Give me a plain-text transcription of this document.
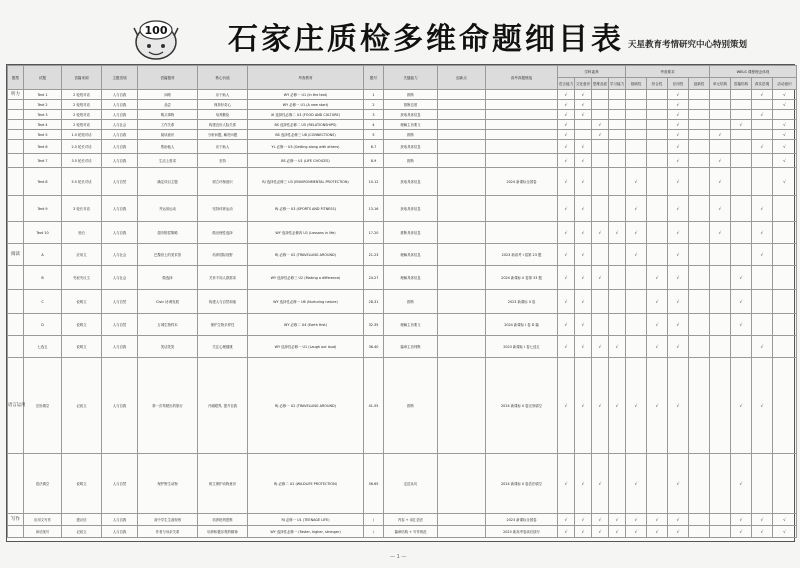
100 石家庄质检多维命题细目表 天星教育考情研究中心特别策划
题型	试题	语篇来源	主题语境	语篇题材	核心价值	考查教材	题号	关键能力	创新点	高考真题链接	学科素养				考查要求				WELS 课程理念体现			
											语言能力	文化意识	思维品质	学习能力	基础性	综合性	应用性	创新性	单元结构	语篇结构	真实语境	活动意识
听力	Text 1	2 轮短对话	人与自我	问路	乐于助人	WY 必修一 U1 (In the test)	1	推断			√	√					√				√	√
	Text 2	2 轮短对话	人与自我	品尝	保持好奇心	WY 必修一 U1 (A new start)	2	推断态度			√	√					√					√
	Text 3	2 轮短对话	人与自我	购买事物	培养勤俭	XI 选择性必修二 U3 (FOOD AND CULTURE)	3	获取具体信息			√	√					√				√	
	Text 4	2 轮短对话	人与社会	工作关系	构建良好人际关系	BS 选择性必修二 U5 (RELATIONSHIPS)	4	理解主旨要义			√		√				√			√		√
	Text 5	1.5 轮短对话	人与自我	阅读意识	分析问题, 解决问题	BS 选择性必修三 U8 (CONNECTIONS)	5	推断			√		√				√		√			√
	Text 6	2.5 轮长对话	人与自我	帮助他人	乐于助人	YL 必修一 U3 (Getting along with others)	6-7	获取具体信息			√	√					√				√	√
	Text 7	3.5 轮长对话	人与自我	生活上需求	坚持	BS 必修一 U1 (LIFE CHOICES)	8-9	推断			√	√					√		√			√
	Text 8	5.5 轮长对话	人与自然	确定项目主题	树立环保意识	RJ 选择性必修三 U3 (ENVIRONMENTAL PROTECTION)	10-12	获取具体信息		2024 新课标全国卷	√	√			√		√		√			√
	Text 9	3 轮长对话	人与自我	并运用运动	坚持体育运动	RJ 必修一 U3 (SPORTS AND FITNESS)	13-16	获取具体信息			√	√			√		√		√		√	
	Text 10	独白	人与自我	超市赔偿策略	做出理性选择	WY 选择性必修四 U1 (Lessons in life)	17-20	推断具体信息			√	√	√	√	√		√		√		√	
阅读	A	应用文	人与社会	巴黎世上的美术馆	培养国际视野	RJ 必修一 U2 (TRAVELLING AROUND)	21-23	理解具体信息		2023 新高考 I 卷第 23 题	√	√			√		√				√	
	B	夹叙夹议文	人与社会	做选择	关怀不同人群需求	WY 选择性必修三 U2 (Making a difference)	24-27	理解具体信息		2024 新课标 II 卷第 33 题	√	√	√			√	√			√		
	C	说明文	人与自然	Civic 协调发展	构建人与自然和谐	WY 选择性必修一 U6 (Nurturing nature)	28-31	推断		2023 新课标 II 卷	√	√				√	√			√		
	D	说明文	人与自然	万城生物样本	保护生物多样性	WY 必修二 U4 (Earth first)	32-35	理解主旨要义		2024 新课标 I 卷 D 篇	√	√				√	√			√		
	七选五	说明文	人与自我	笑话笑笑	关注心理健康	WY 选择性必修一 U1 (Laugh out loud)	36-40	篇章主旨判断		2023 新课标 I 卷七选五	√	√	√	√		√	√				√	
语言运用	完形填空	记叙文	人与自我	第一次驾驶出的旅行	开阔眼界, 提升自我	RJ 必修一 U2 (TRAVELLING AROUND)	41-55	推断		2024 新课标 II 卷完形填空	√	√	√	√	√	√	√			√	√	
	语法填空	说明文	人与自然	保护野生动物	树立保护动物意识	RJ 必修二 U2 (WILDLIFE PROTECTION)	56-65	定语从句		2024 新课标 II 卷语法填空	√	√	√		√		√			√		
写作	应用文写作	建议信	人与自我	高中学生生涯规划	培养批判思维	RJ 必修一 U1 (TEENAGE LIFE)	/	内容 + 词汇语法		2023 新课标全国卷	√	√	√	√	√	√	√			√	√	√
	读后续写	记叙文	人与自我	作者与母亲关系	培养积极乐观的精神	WY 选择性必修一 (Faster, higher, stronger)	/	篇章结构 + 写作规范		2023 新高考卷读后续写	√	√	√	√	√	√	√			√	√	√
— 1 —
